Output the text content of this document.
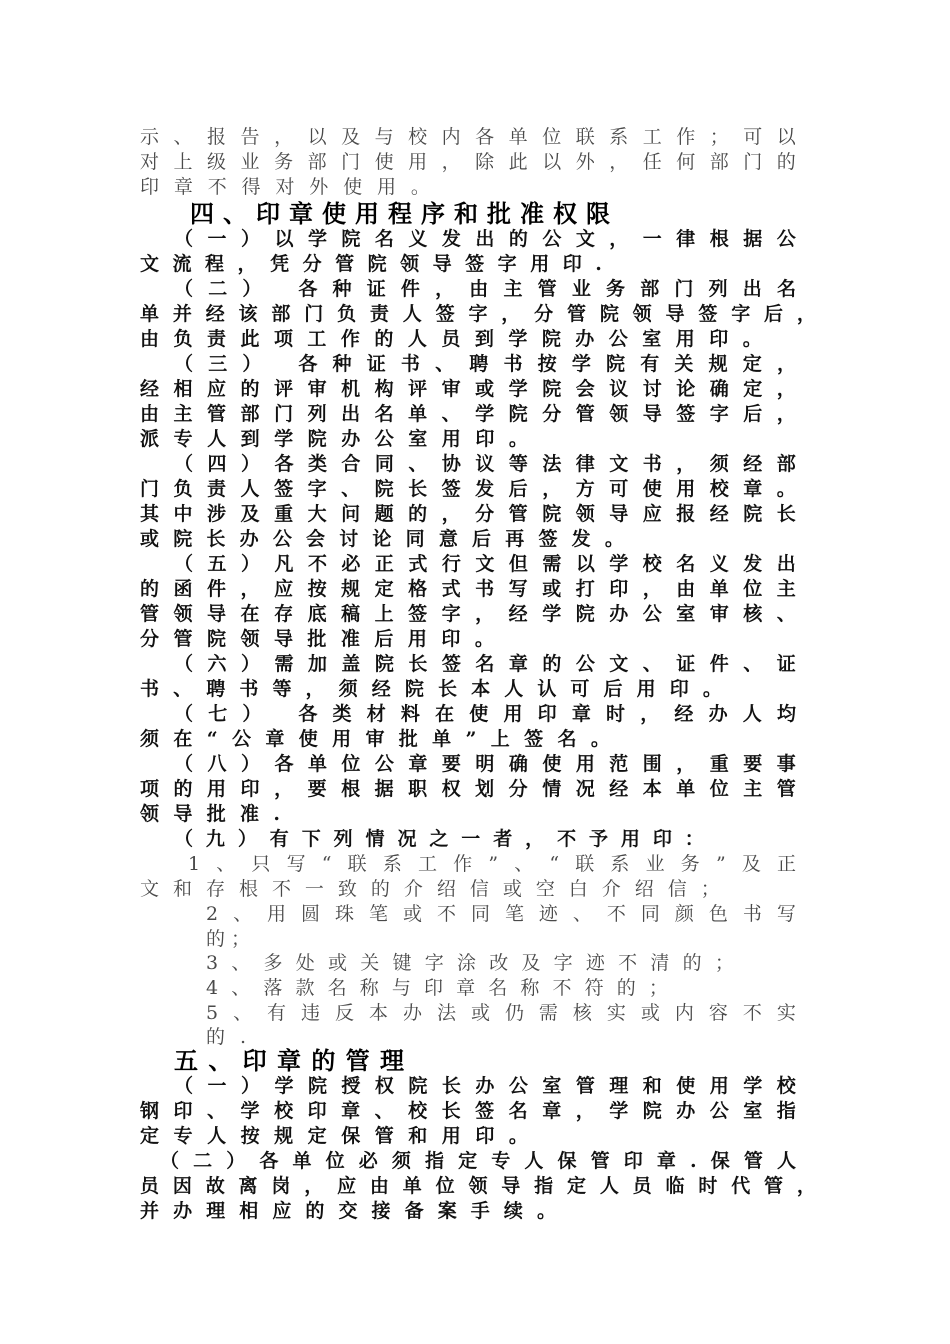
示 、 报 告 ， 以 及 与 校 内 各 单 位 联 系 工 作 ； 可 以
对 上 级 业 务 部 门 使 用 ， 除 此 以 外 ， 任 何 部 门 的
印 章 不 得 对 外 使 用 。
四 、 印 章 使 用 程 序 和 批 准 权 限
（ 一 ） 以 学 院 名 义 发 出 的 公 文 ， 一 律 根 据 公
文 流 程 ， 凭 分 管 院 领 导 签 字 用 印 .
（ 二 ）
各 种 证 件 ， 由 主 管 业 务 部 门 列 出 名
单 并 经 该 部 门 负 责 人 签 字 ， 分 管 院 领 导 签 字 后 ，
由 负 责 此 项 工 作 的 人 员 到 学 院 办 公 室 用 印 。
（ 三 ）
各 种 证 书 、 聘 书 按 学 院 有 关 规 定 ，
经 相 应 的 评 审 机 构 评 审 或 学 院 会 议 讨 论 确 定 ，
由 主 管 部 门 列 出 名 单 、 学 院 分 管 领 导 签 字 后 ，
派 专 人 到 学 院 办 公 室 用 印 。
（ 四 ） 各 类 合 同 、 协 议 等 法 律 文 书 ， 须 经 部
门 负 责 人 签 字 、 院 长 签 发 后 ， 方 可 使 用 校 章 。
其 中 涉 及 重 大 问 题 的 ， 分 管 院 领 导 应 报 经 院 长
或 院 长 办 公 会 讨 论 同 意 后 再 签 发 。
（ 五 ） 凡 不 必 正 式 行 文 但 需 以 学 校 名 义 发 出
的 函 件 ， 应 按 规 定 格 式 书 写 或 打 印 ， 由 单 位 主
管 领 导 在 存 底 稿 上 签 字 ， 经 学 院 办 公 室 审 核 、
分 管 院 领 导 批 准 后 用 印 。
（ 六 ） 需 加 盖 院 长 签 名 章 的 公 文 、 证 件 、 证
书 、 聘 书 等 ， 须 经 院 长 本 人 认 可 后 用 印 。
（ 七 ）
各 类 材 料 在 使 用 印 章 时 ， 经 办 人 均
须 在 “ 公 章 使 用 审 批 单 ” 上 签 名 。
（ 八 ） 各 单 位 公 章 要 明 确 使 用 范 围 ， 重 要 事
项 的 用 印 ， 要 根 据 职 权 划 分 情 况 经 本 单 位 主 管
领 导 批 准 .
（ 九 ） 有 下 列 情 况 之 一 者 ， 不 予 用 印 ：
1 、 只 写 “ 联 系 工 作 ” 、 “ 联 系 业 务 ” 及 正
文 和 存 根 不 一 致 的 介 绍 信 或 空 白 介 绍 信 ；
2 、 用 圆 珠 笔 或 不 同 笔 迹 、 不 同 颜 色 书 写
的 ；
3 、 多 处 或 关 键 字 涂 改 及 字 迹 不 清 的 ；
4 、 落 款 名 称 与 印 章 名 称 不 符 的 ；
5 、 有 违 反 本 办 法 或 仍 需 核 实 或 内 容 不 实
的 .
五 、 印 章 的 管 理
（ 一 ） 学 院 授 权 院 长 办 公 室 管 理 和 使 用 学 校
钢 印 、 学 校 印 章 、 校 长 签 名 章 ， 学 院 办 公 室 指
定 专 人 按 规 定 保 管 和 用 印 。
（ 二 ） 各 单 位 必 须 指 定 专 人 保 管 印 章 . 保 管 人
员 因 故 离 岗 ， 应 由 单 位 领 导 指 定 人 员 临 时 代 管 ，
并 办 理 相 应 的 交 接 备 案 手 续 。
